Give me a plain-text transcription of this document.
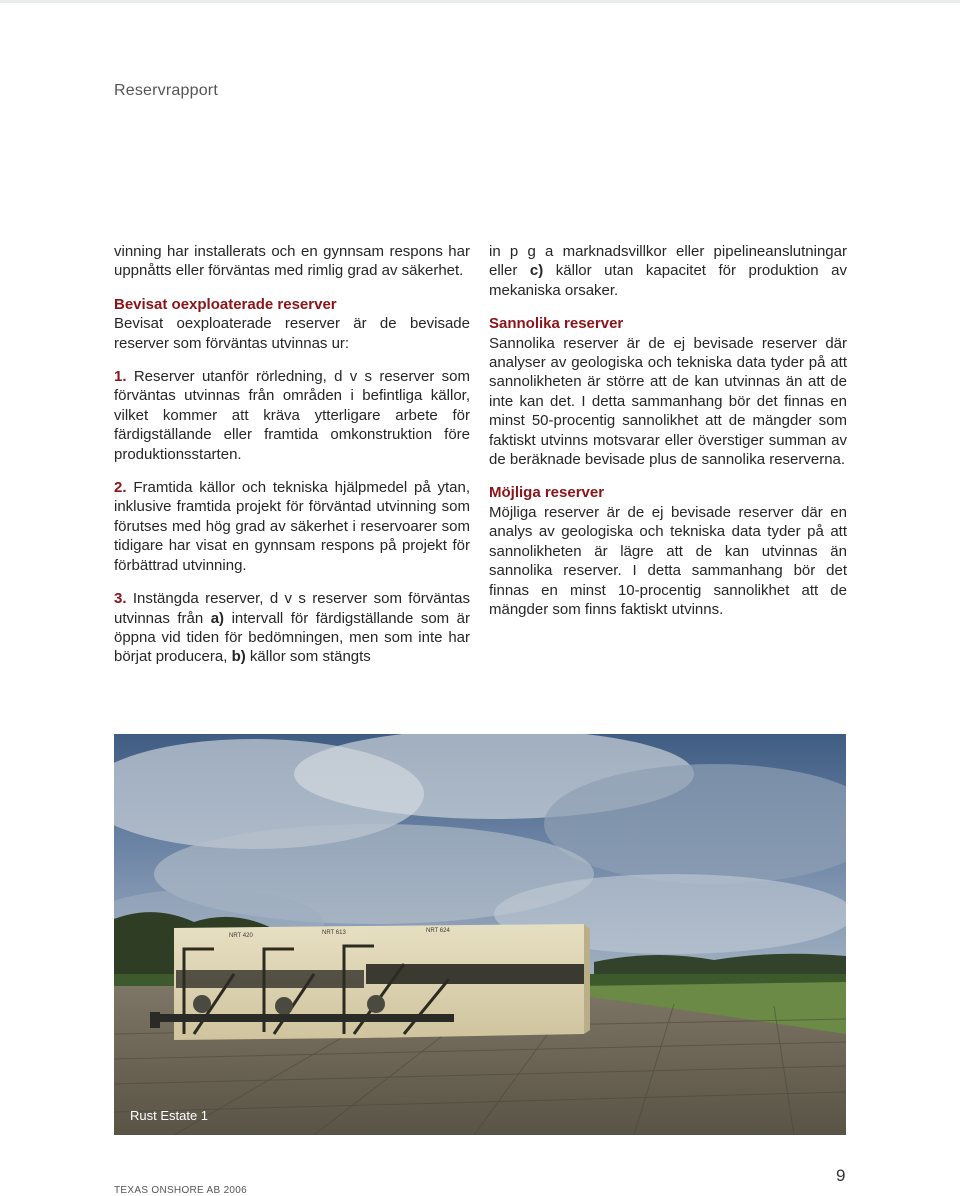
Reservrapport

vinning har installerats och en gynnsam respons har uppnåtts eller förväntas med rimlig grad av säkerhet.

Bevisat oexploaterade reserver
Bevisat oexploaterade reserver är de bevisade reserver som förväntas utvinnas ur:

1. Reserver utanför rörledning, d v s reserver som förväntas utvinnas från områden i befintliga källor, vilket kommer att kräva ytterligare arbete för färdigställande eller framtida omkonstruktion före produktionsstarten.

2. Framtida källor och tekniska hjälpmedel på ytan, inklusive framtida projekt för förväntad utvinning som förutses med hög grad av säkerhet i reservoarer som tidigare har visat en gynnsam respons på projekt för förbättrad utvinning.

3. Instängda reserver, d v s reserver som förväntas utvinnas från a) intervall för färdigställande som är öppna vid tiden för bedömningen, men som inte har börjat producera, b) källor som stängts

in p g a marknadsvillkor eller pipelineanslutningar eller c) källor utan kapacitet för produktion av mekaniska orsaker.

Sannolika reserver
Sannolika reserver är de ej bevisade reserver där analyser av geologiska och tekniska data tyder på att sannolikheten är större att de kan utvinnas än att de inte kan det. I detta sammanhang bör det finnas en minst 50-procentig sannolikhet att de mängder som faktiskt utvinns motsvarar eller överstiger summan av de beräknade bevisade plus de sannolika reserverna.
Möjliga reserver
Möjliga reserver är de ej bevisade reserver där en analys av geologiska och tekniska data tyder på att sannolikheten är lägre att de kan utvinnas än sannolika reserver. I detta sammanhang bör det finnas en minst 10-procentig sannolikhet att de mängder som finns faktiskt utvinns.
NRT 420	NRT 613	NRT 624
Rust Estate 1
TEXAS ONSHORE AB 2006
9
